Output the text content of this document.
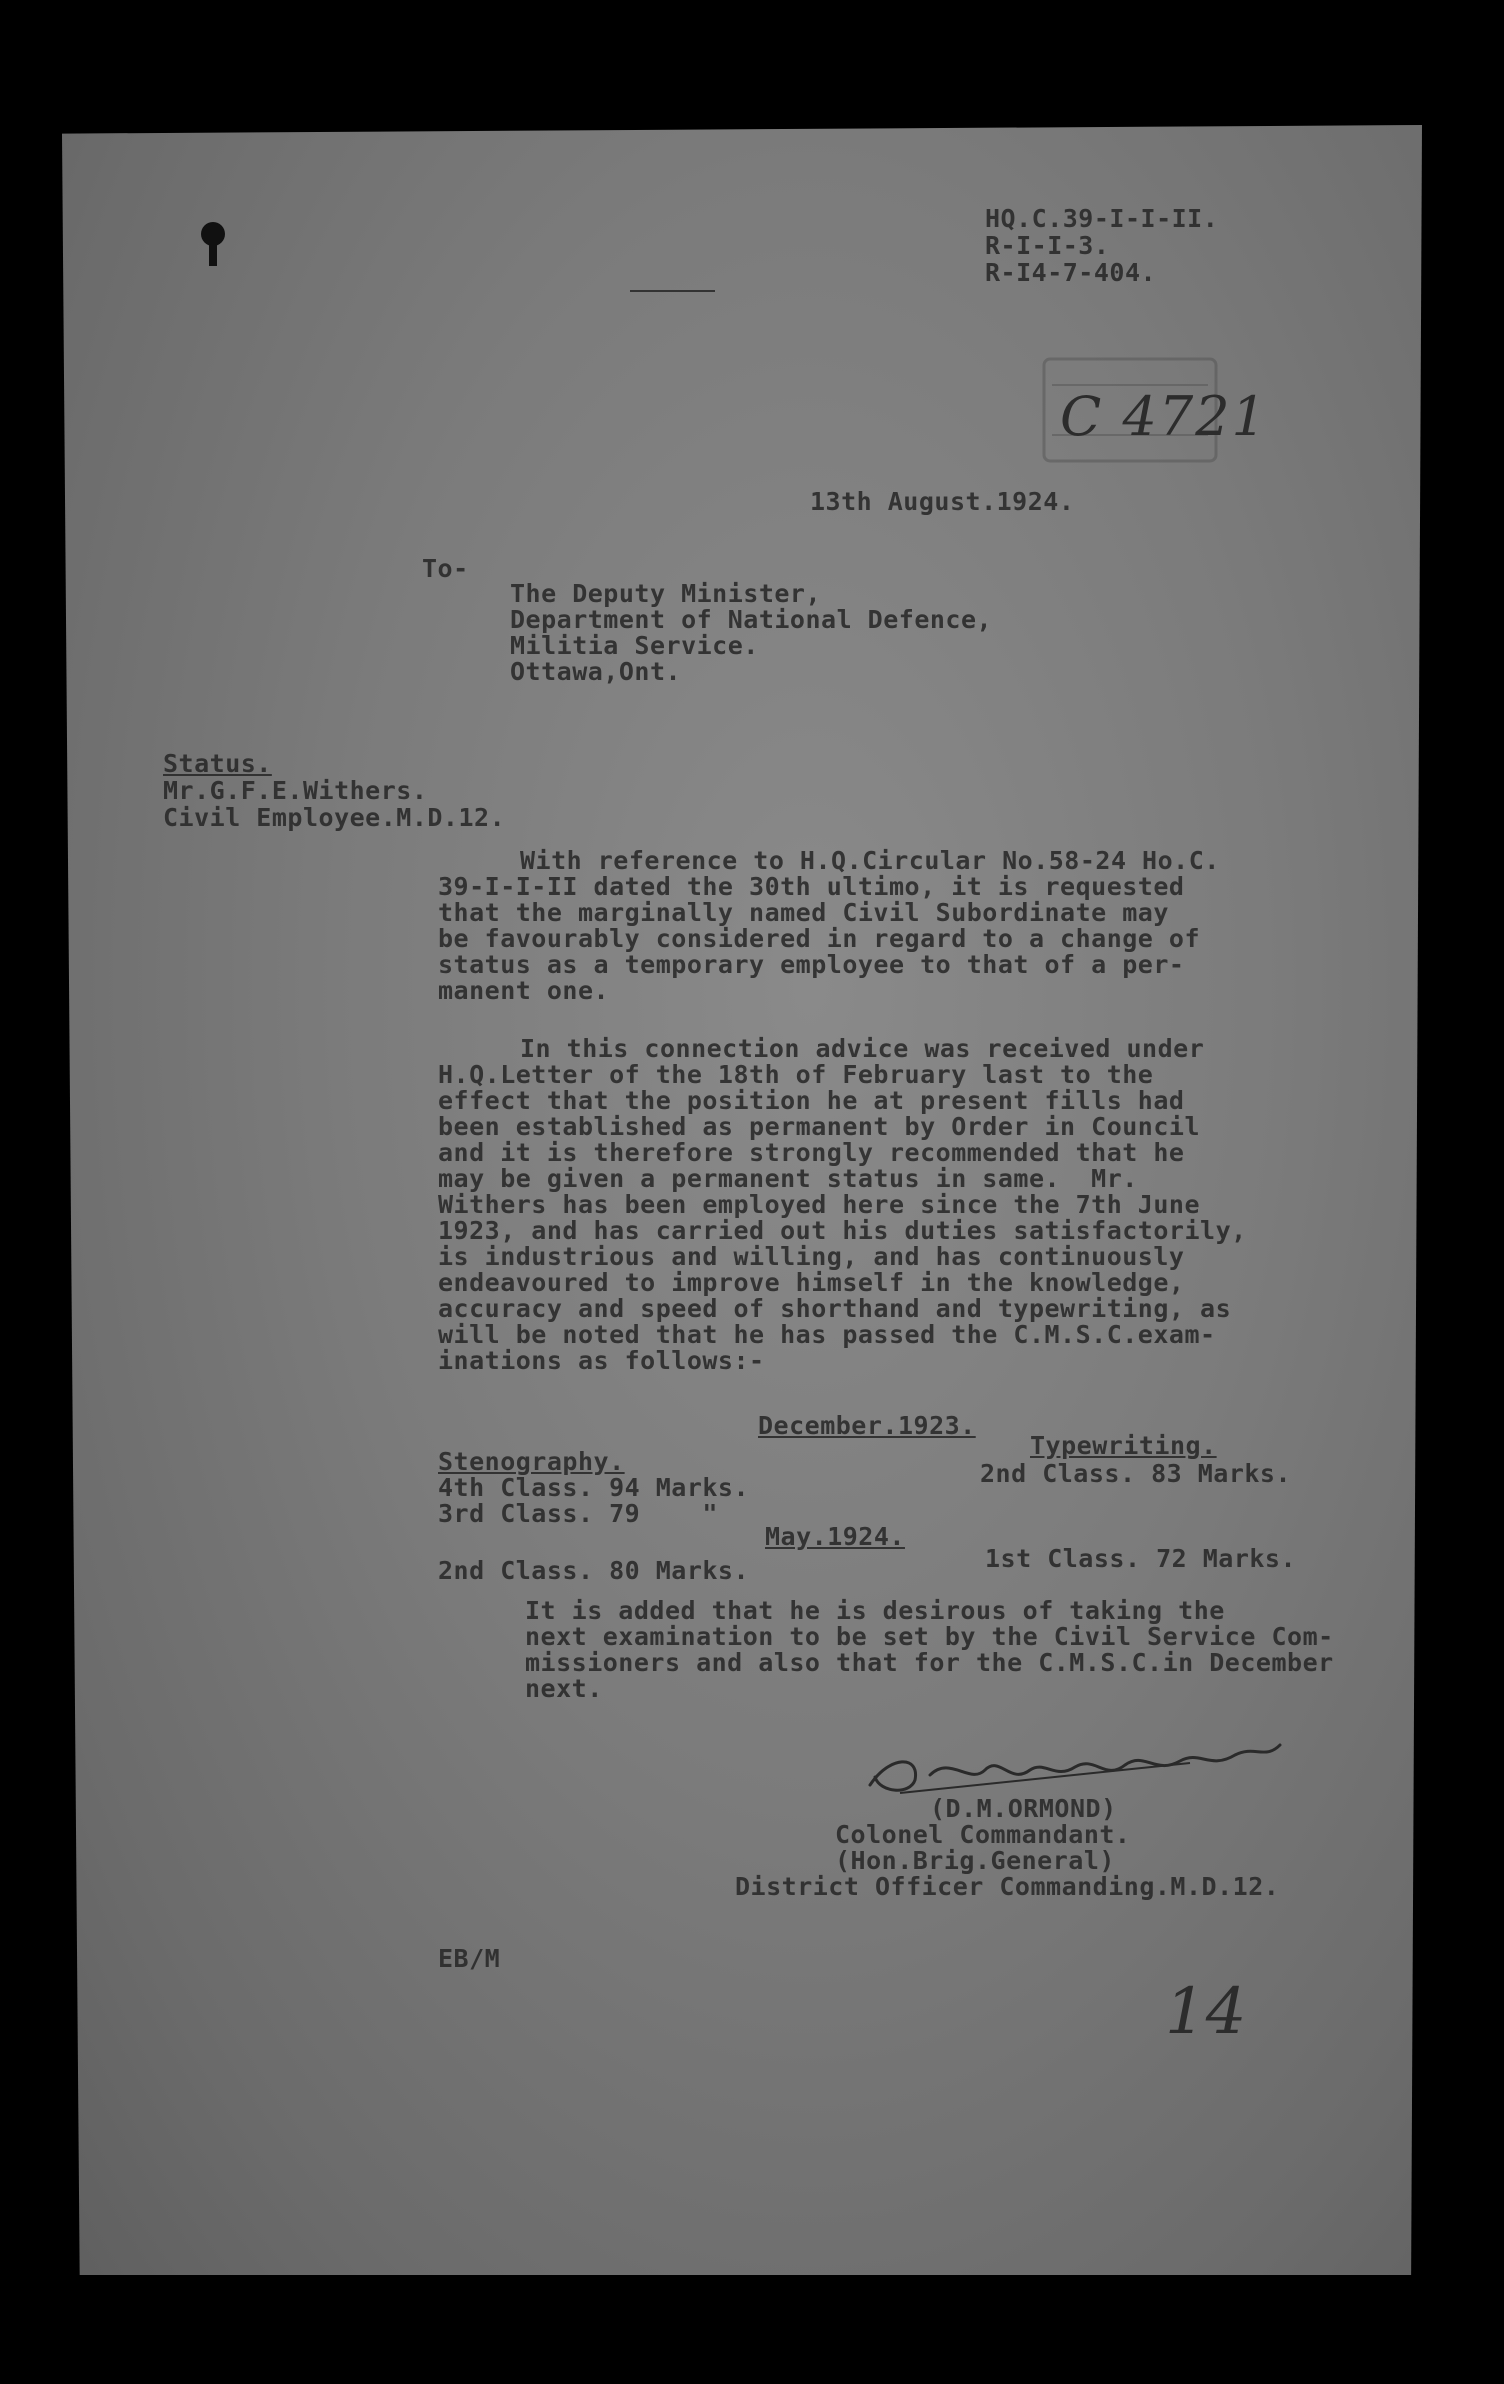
HQ.C.39-I-I-II.
R-I-I-3.
R-I4-7-404.
C 4721
13th August.1924.
To-
The Deputy Minister,
Department of National Defence,
Militia Service.
Ottawa,Ont.
Status.
Mr.G.F.E.Withers.
Civil Employee.M.D.12.
With reference to H.Q.Circular No.58-24 Ho.C.
39-I-I-II dated the 30th ultimo, it is requested
that the marginally named Civil Subordinate may
be favourably considered in regard to a change of
status as a temporary employee to that of a per-
manent one.
In this connection advice was received under
H.Q.Letter of the 18th of February last to the
effect that the position he at present fills had
been established as permanent by Order in Council
and it is therefore strongly recommended that he
may be given a permanent status in same.  Mr.
Withers has been employed here since the 7th June
1923, and has carried out his duties satisfactorily,
is industrious and willing, and has continuously
endeavoured to improve himself in the knowledge,
accuracy and speed of shorthand and typewriting, as
will be noted that he has passed the C.M.S.C.exam-
inations as follows:-
December.1923.
Stenography.
Typewriting.
4th Class. 94 Marks.	2nd Class. 83 Marks.
3rd Class. 79    "
May.1924.
2nd Class. 80 Marks.	1st Class. 72 Marks.
It is added that he is desirous of taking the
next examination to be set by the Civil Service Com-
missioners and also that for the C.M.S.C.in December
next.
(D.M.ORMOND)
Colonel Commandant.
(Hon.Brig.General)
District Officer Commanding.M.D.12.
EB/M
14
